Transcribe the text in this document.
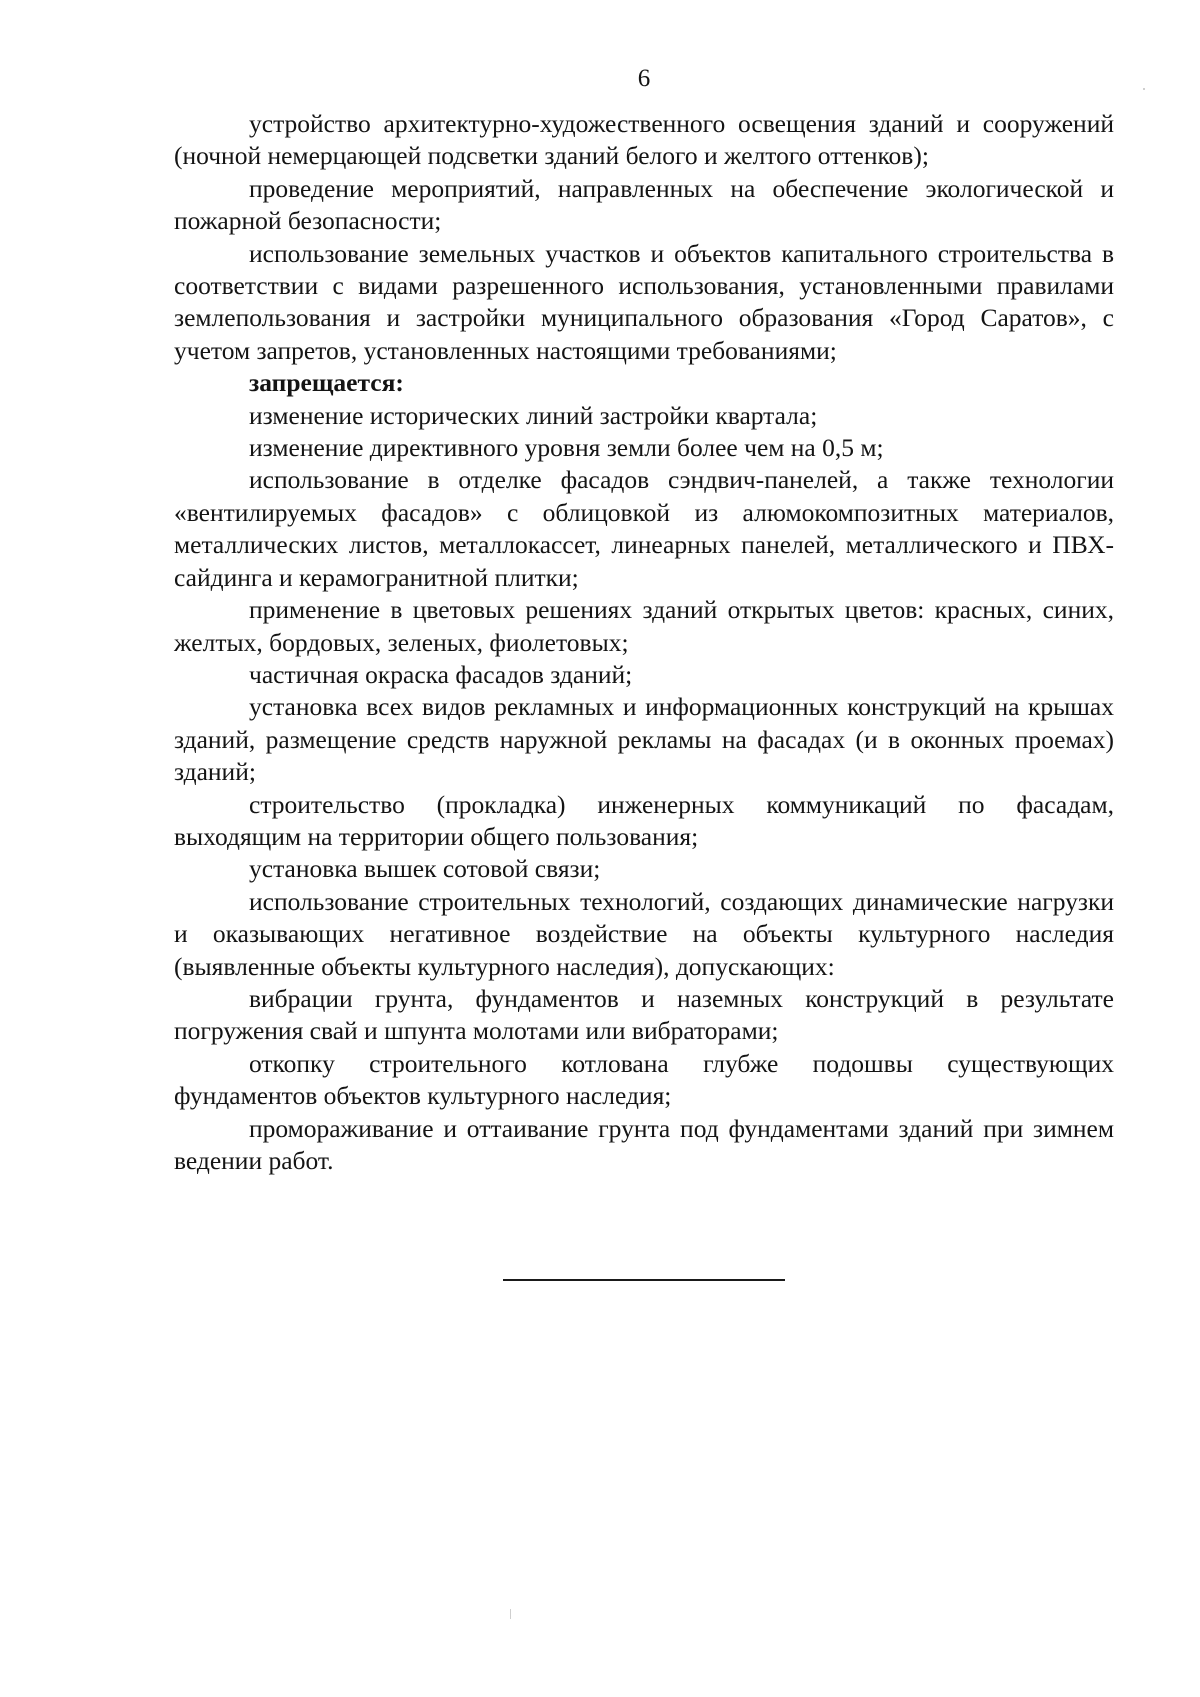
6

устройство архитектурно-художественного освещения зданий и сооружений (ночной немерцающей подсветки зданий белого и желтого оттенков);

проведение мероприятий, направленных на обеспечение экологической и пожарной безопасности;

использование земельных участков и объектов капитального строительства в соответствии с видами разрешенного использования, установленными правилами землепользования и застройки муниципального образования «Город Саратов», с учетом запретов, установленных настоящими требованиями;

запрещается:

изменение исторических линий застройки квартала;

изменение директивного уровня земли более чем на 0,5 м;

использование в отделке фасадов сэндвич-панелей, а также технологии «вентилируемых фасадов» с облицовкой из алюмокомпозитных материалов, металлических листов, металлокассет, линеарных панелей, металлического и ПВХ-сайдинга и керамогранитной плитки;

применение в цветовых решениях зданий открытых цветов: красных, синих, желтых, бордовых, зеленых, фиолетовых;

частичная окраска фасадов зданий;

установка всех видов рекламных и информационных конструкций на крышах зданий, размещение средств наружной рекламы на фасадах (и в оконных проемах) зданий;

строительство (прокладка) инженерных коммуникаций по фасадам, выходящим на территории общего пользования;

установка вышек сотовой связи;

использование строительных технологий, создающих динамические нагрузки и оказывающих негативное воздействие на объекты культурного наследия (выявленные объекты культурного наследия), допускающих:

вибрации грунта, фундаментов и наземных конструкций в результате погружения свай и шпунта молотами или вибраторами;

откопку строительного котлована глубже подошвы существующих фундаментов объектов культурного наследия;

промораживание и оттаивание грунта под фундаментами зданий при зимнем ведении работ.
